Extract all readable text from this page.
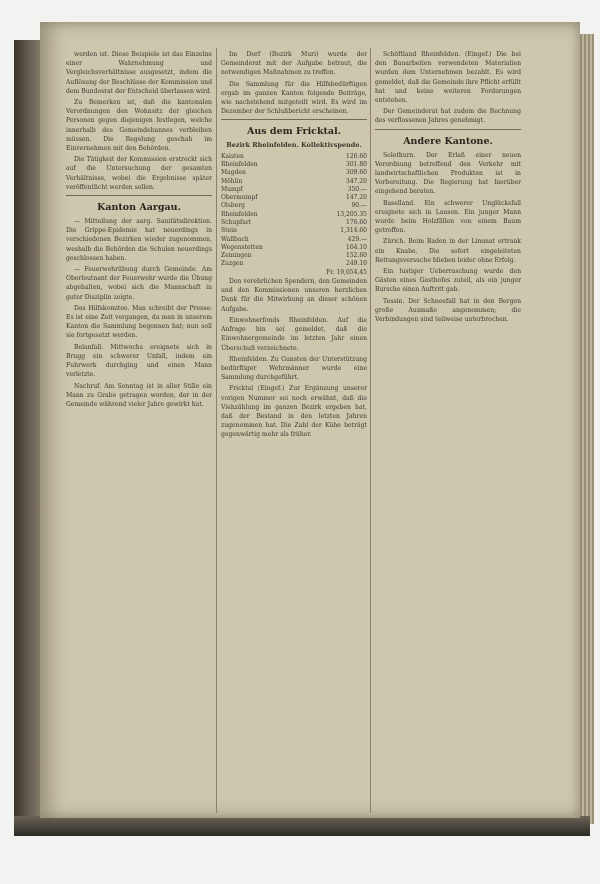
werden ist. Diese Beispiele ist das Einzelne einer Wahrnehmung und Vergleichsverhältnisse ausgesetzt, indem die Auflösung der Beschlüsse der Kommission und dem Bundesrat der Entscheid überlassen wird.

Zu Bemerken ist, daß die kantonalen Verordnungen den Wohnsitz der gleichen Personen gegen diejenigen festlegen, welche innerhalb des Gemeindebannes verbleiben müssen. Die Regelung geschah im Einvernehmen mit den Behörden.

Die Tätigkeit der Kommission erstreckt sich auf die Untersuchung der gesamten Verhältnisse, wobei die Ergebnisse später veröffentlicht werden sollen.

Kanton Aargau.

— Mitteilung der aarg. Sanitätsdirektion. Die Grippe-Epidemie hat neuerdings in verschiedenen Bezirken wieder zugenommen, weshalb die Behörden die Schulen neuerdings geschlossen haben.

— Feuerwehrübung durch Gemeinde. Am Oberleutnant der Feuerwehr wurde die Übung abgehalten, wobei sich die Mannschaft in guter Disziplin zeigte.

Das Hilfskomitee. Man schreibt der Presse: Es ist eine Zeit vergangen, da man in unserem Kanton die Sammlung begonnen hat; nun soll sie fortgesetzt werden.

Belanfall. Mittwochs ereignete sich in Brugg ein schwerer Unfall, indem ein Fuhrwerk durchging und einen Mann verletzte.

Nachruf. Am Sonntag ist in aller Stille ein Mann zu Grabe getragen worden, der in der Gemeinde während vieler Jahre gewirkt hat.

Im Dorf (Bezirk Muri) wurde der Gemeinderat mit der Aufgabe betraut, die notwendigen Maßnahmen zu treffen.

Die Sammlung für die Hilfsbedürftigen ergab im ganzen Kanton folgende Beiträge, wie nachstehend mitgeteilt wird. Es wird im Dezember der Schlußbericht erscheinen.

Aus dem Fricktal.
Bezirk Rheinfelden. Kollektivspende.
Kaisten	126.60
Rheinfelden	301.80
Magden	309.60
Möhlin	347.20
Mumpf	350.—
Obermumpf	147.20
Olsberg	90.—
Rheinfelden	13,205.35
Schupfart	176.60
Stein	1,314.60
Wallbach	429.—
Wegenstetten	164.10
Zeiningen	152.60
Zuzgen	249.10
	Fr. 19,054.45

Den verehrlichen Spendern, den Gemeinden und den Kommissionen unseren herzlichen Dank für die Mitwirkung an dieser schönen Aufgabe.

Einwohnerfonds Rheinfelden. Auf die Anfrage hin sei gemeldet, daß die Einwohnergemeinde im letzten Jahr einen Überschuß verzeichnete.

Rheinfelden. Zu Gunsten der Unterstützung bedürftiger Wehrmänner wurde eine Sammlung durchgeführt.

Fricktal (Eingef.) Zur Ergänzung unserer vorigen Nummer sei noch erwähnt, daß die Viehzählung im ganzen Bezirk ergeben hat, daß der Bestand in den letzten Jahren zugenommen hat. Die Zahl der Kühe beträgt gegenwärtig mehr als früher.

Schöftland Rheinfelden. (Eingef.) Die bei den Bauarbeiten verwendeten Materialien wurden dem Unternehmen bezahlt. Es wird gemeldet, daß die Gemeinde ihre Pflicht erfüllt hat und keine weiteren Forderungen entstehen.

Der Gemeinderat hat zudem die Rechnung des verflossenen Jahres genehmigt.

Andere Kantone.

Solothurn. Der Erlaß einer neuen Verordnung betreffend den Verkehr mit landwirtschaftlichen Produkten ist in Vorbereitung. Die Regierung hat hierüber eingehend beraten.

Baselland. Ein schwerer Unglücksfall ereignete sich in Lausen. Ein junger Mann wurde beim Holzfällen von einem Baum getroffen.

Zürich. Beim Baden in der Limmat ertrank ein Knabe. Die sofort eingeleiteten Rettungsversuche blieben leider ohne Erfolg.

Ein lustiger Ueberraschung wurde den Gästen eines Gasthofes zuteil, als ein junger Bursche einen Auftritt gab.

Tessin. Der Schneefall hat in den Bergen große Ausmaße angenommen; die Verbindungen sind teilweise unterbrochen.
